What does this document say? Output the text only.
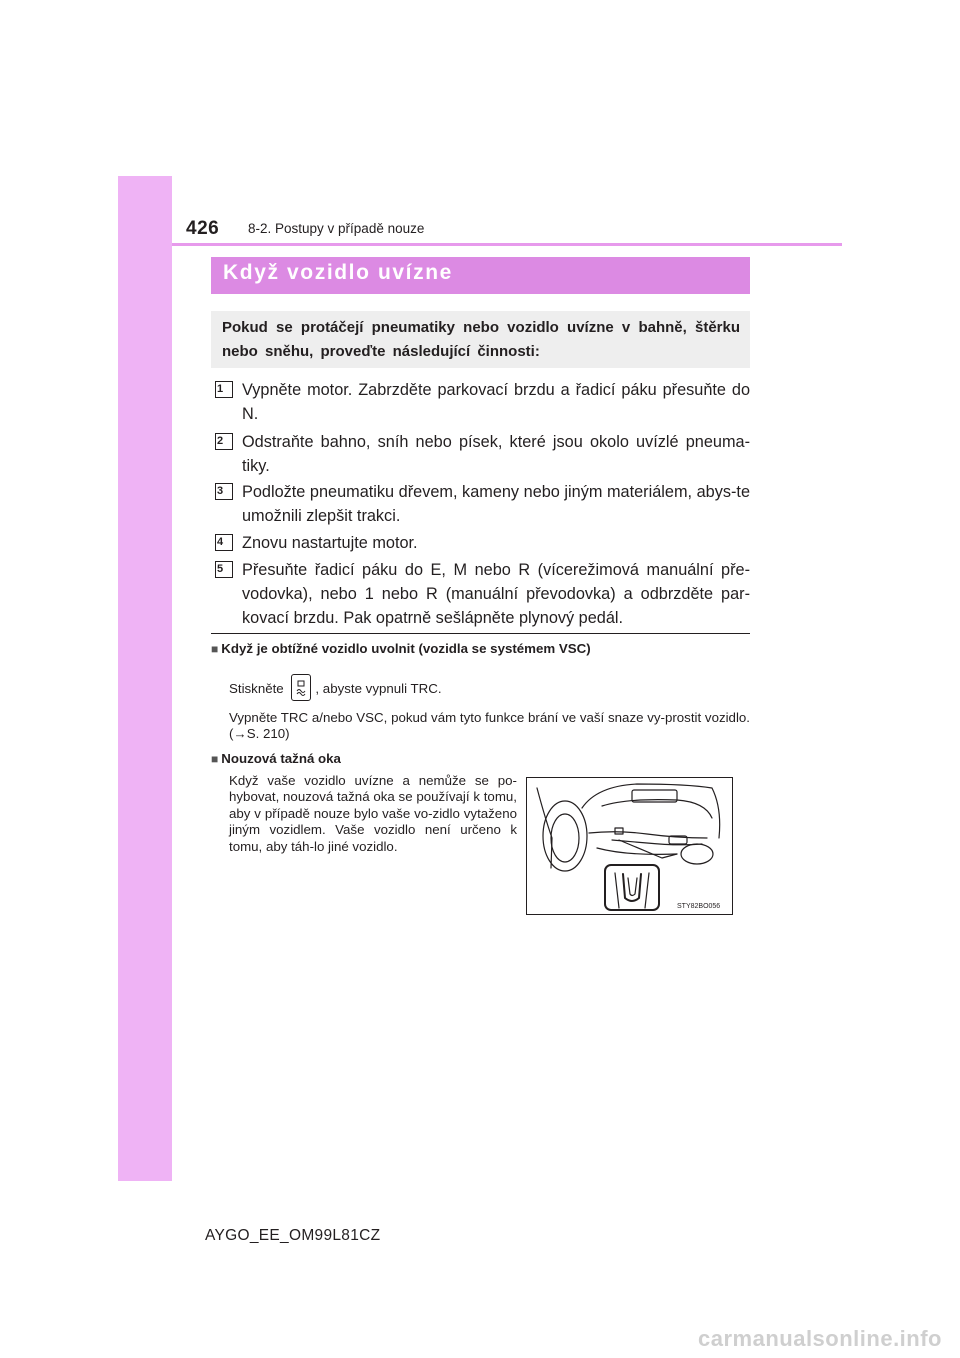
426 8-2. Postupy v případě nouze
Když vozidlo uvízne
Pokud se protáčejí pneumatiky nebo vozidlo uvízne v bahně, štěrku nebo sněhu, proveďte následující činnosti:
1	Vypněte motor. Zabrzděte parkovací brzdu a řadicí páku přesuňte do N.
2	Odstraňte bahno, sníh nebo písek, které jsou okolo uvízlé pneuma-tiky.
3	Podložte pneumatiku dřevem, kameny nebo jiným materiálem, abys-te umožnili zlepšit trakci.
4	Znovu nastartujte motor.
5	Přesuňte řadicí páku do E, M nebo R (vícerežimová manuální pře-vodovka), nebo 1 nebo R (manuální převodovka) a odbrzděte par-kovací brzdu. Pak opatrně sešlápněte plynový pedál.
■ Když je obtížné vozidlo uvolnit (vozidla se systémem VSC)
Stiskněte , abyste vypnuli TRC.
Vypněte TRC a/nebo VSC, pokud vám tyto funkce brání ve vaší snaze vy-prostit vozidlo. (→S. 210)
■ Nouzová tažná oka
Když vaše vozidlo uvízne a nemůže se po-hybovat, nouzová tažná oka se používají k tomu, aby v případě nouze bylo vaše vo-zidlo vytaženo jiným vozidlem. Vaše vozidlo není určeno k tomu, aby táh-lo jiné vozidlo.
STY82BO056
AYGO_EE_OM99L81CZ
carmanualsonline.info
